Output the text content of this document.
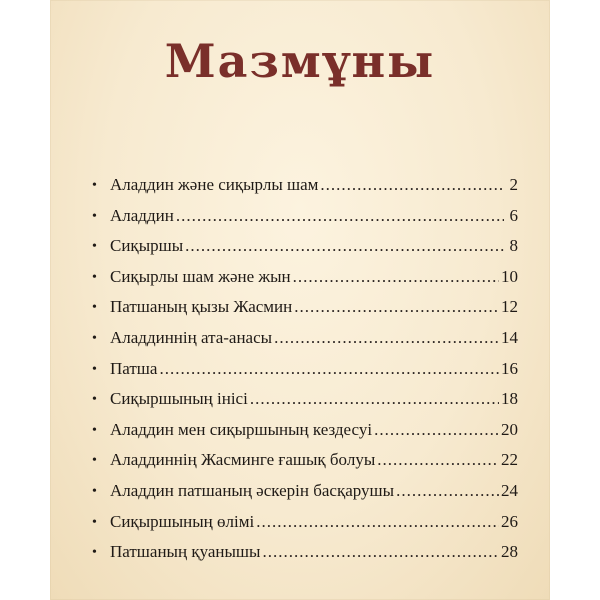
Мазмұны
• Аладдин және сиқырлы шам .....	2
• Аладдин .....	6
• Сиқыршы .....	8
• Сиқырлы шам және жын .....	10
• Патшаның қызы Жасмин .....	12
• Аладдиннің ата-анасы .....	14
• Патша .....	16
• Сиқыршының інісі .....	18
• Аладдин мен сиқыршының кездесуі .....	20
• Аладдиннің Жасминге ғашық болуы .....	22
• Аладдин патшаның әскерін басқарушы .....	24
• Сиқыршының өлімі .....	26
• Патшаның қуанышы .....	28
